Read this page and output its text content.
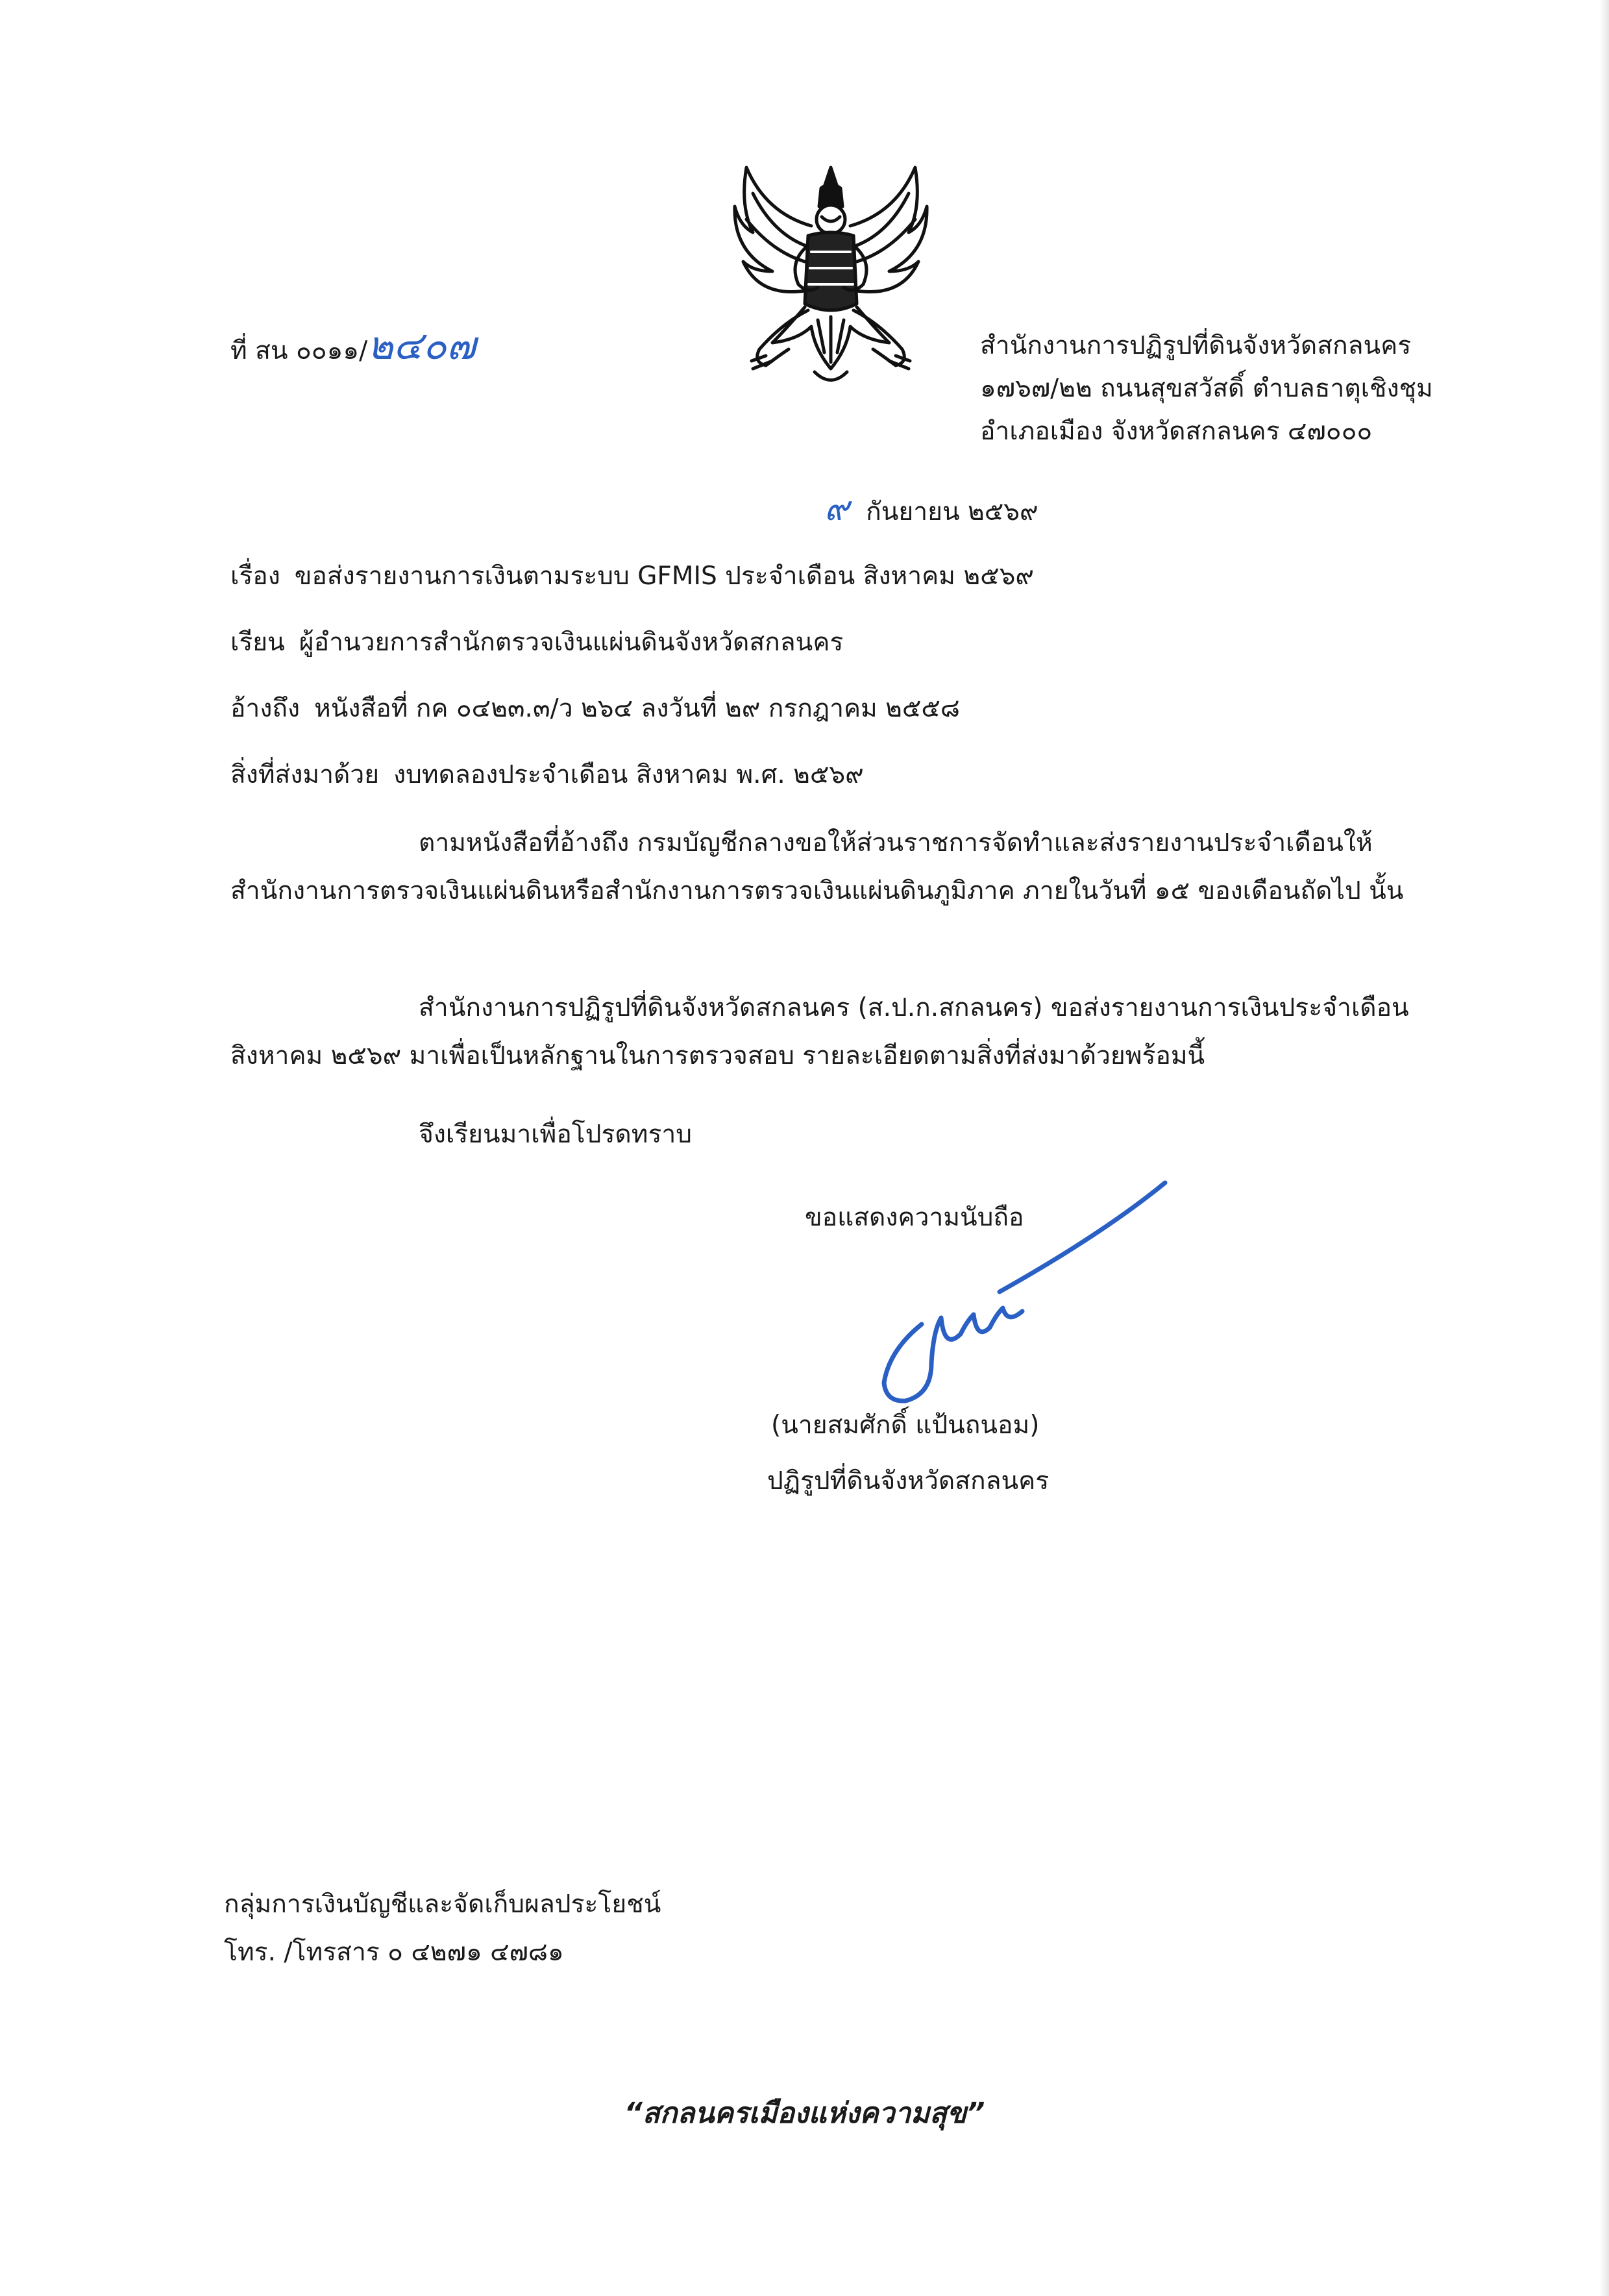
ที่ สน ๐๐๑๑/๒๔๐๗	สำนักงานการปฏิรูปที่ดินจังหวัดสกลนคร
๑๗๖๗/๒๒ ถนนสุขสวัสดิ์ ตำบลธาตุเชิงชุม
อำเภอเมือง จังหวัดสกลนคร ๔๗๐๐๐
๙ กันยายน ๒๕๖๙
เรื่อง ขอส่งรายงานการเงินตามระบบ GFMIS ประจำเดือน สิงหาคม ๒๕๖๙
เรียน ผู้อำนวยการสำนักตรวจเงินแผ่นดินจังหวัดสกลนคร
อ้างถึง หนังสือที่ กค ๐๔๒๓.๓/ว ๒๖๔ ลงวันที่ ๒๙ กรกฎาคม ๒๕๕๘
สิ่งที่ส่งมาด้วย งบทดลองประจำเดือน สิงหาคม พ.ศ. ๒๕๖๙
ตามหนังสือที่อ้างถึง กรมบัญชีกลางขอให้ส่วนราชการจัดทำและส่งรายงานประจำเดือนให้สำนักงานการตรวจเงินแผ่นดินหรือสำนักงานการตรวจเงินแผ่นดินภูมิภาค ภายในวันที่ ๑๕ ของเดือนถัดไป นั้น
สำนักงานการปฏิรูปที่ดินจังหวัดสกลนคร (ส.ป.ก.สกลนคร) ขอส่งรายงานการเงินประจำเดือน สิงหาคม ๒๕๖๙ มาเพื่อเป็นหลักฐานในการตรวจสอบ รายละเอียดตามสิ่งที่ส่งมาด้วยพร้อมนี้
จึงเรียนมาเพื่อโปรดทราบ
ขอแสดงความนับถือ
(นายสมศักดิ์ แป้นถนอม)
ปฏิรูปที่ดินจังหวัดสกลนคร
กลุ่มการเงินบัญชีและจัดเก็บผลประโยชน์
โทร. /โทรสาร ๐ ๔๒๗๑ ๔๗๘๑
“สกลนครเมืองแห่งความสุข”
